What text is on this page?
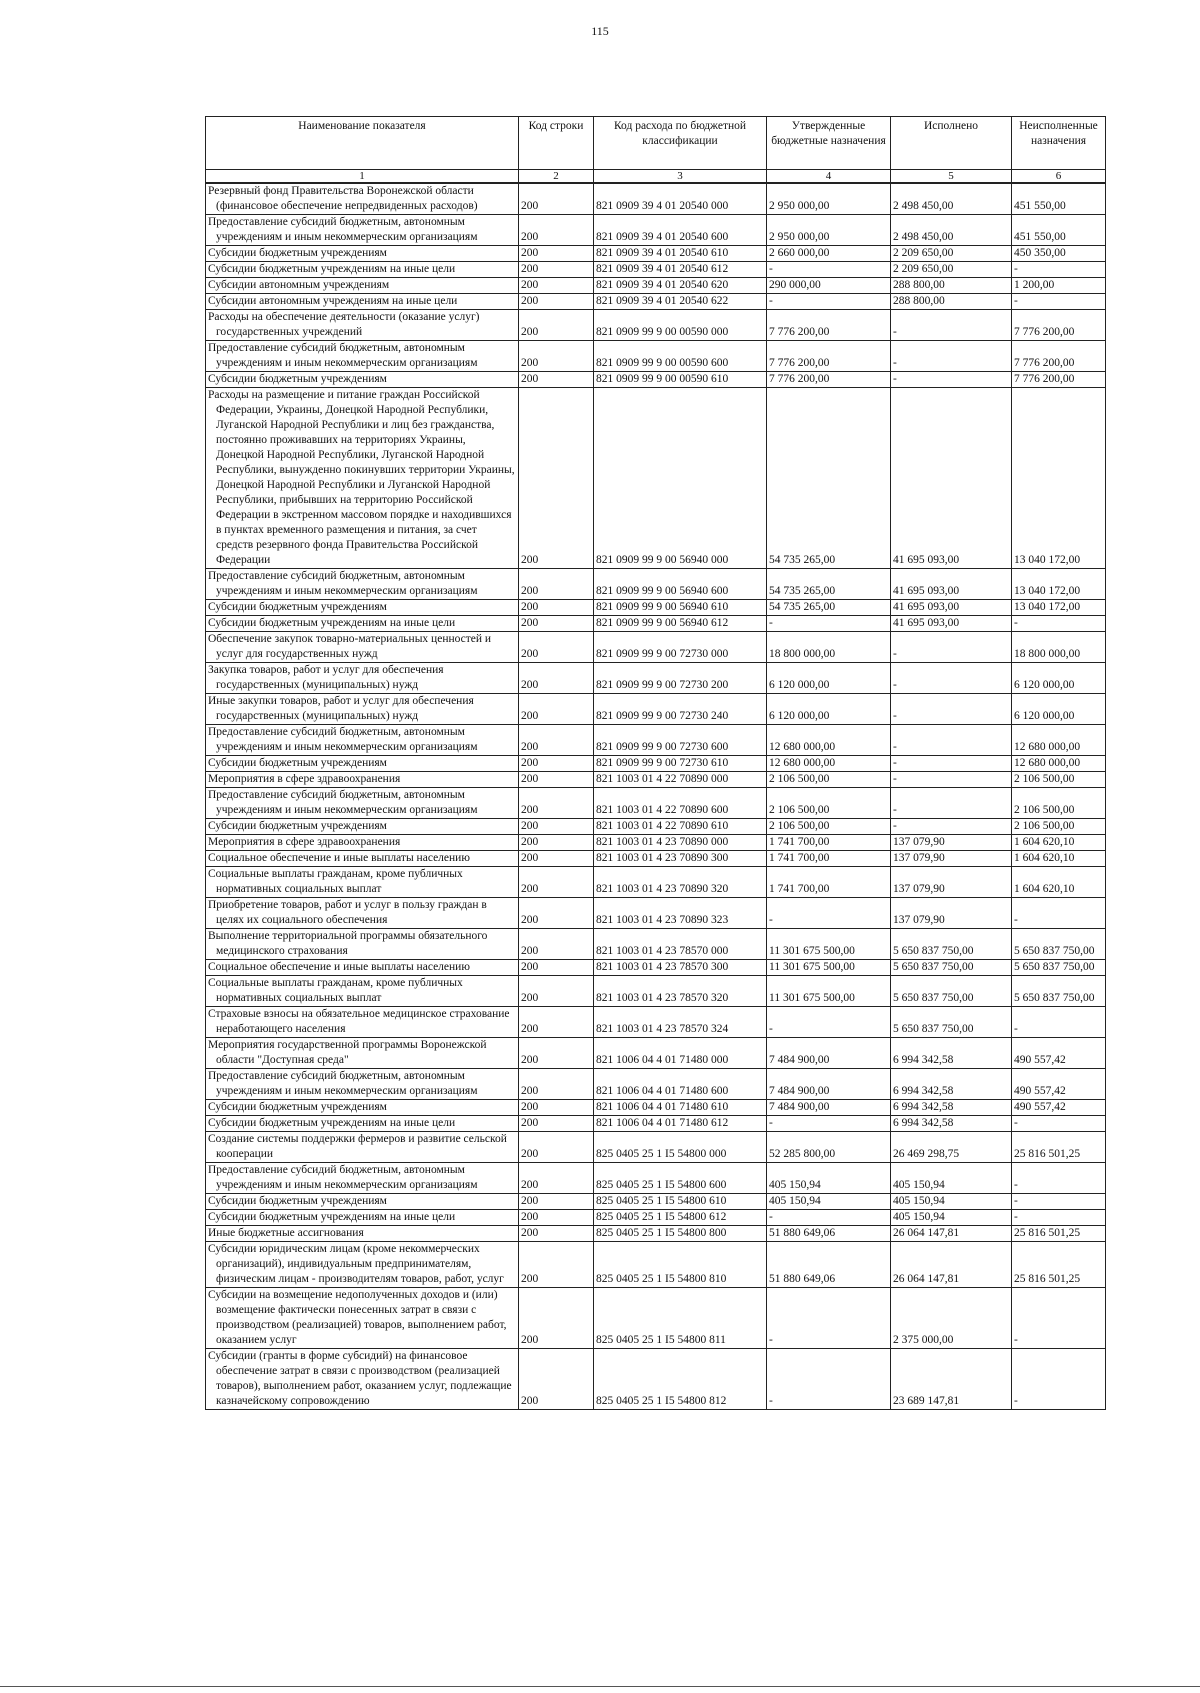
115
Наименование показателя	Код строки	Код расхода по бюджетной классификации	Утвержденные бюджетные назначения	Исполнено	Неисполненные назначения
1	2	3	4	5	6
Резервный фонд Правительства Воронежской области (финансовое обеспечение непредвиденных расходов)	200	821 0909 39 4 01 20540 000	2 950 000,00	2 498 450,00	451 550,00
Предоставление субсидий бюджетным, автономным учреждениям и иным некоммерческим организациям	200	821 0909 39 4 01 20540 600	2 950 000,00	2 498 450,00	451 550,00
Субсидии бюджетным учреждениям	200	821 0909 39 4 01 20540 610	2 660 000,00	2 209 650,00	450 350,00
Субсидии бюджетным учреждениям на иные цели	200	821 0909 39 4 01 20540 612	-	2 209 650,00	-
Субсидии автономным учреждениям	200	821 0909 39 4 01 20540 620	290 000,00	288 800,00	1 200,00
Субсидии автономным учреждениям на иные цели	200	821 0909 39 4 01 20540 622	-	288 800,00	-
Расходы на обеспечение деятельности (оказание услуг) государственных учреждений	200	821 0909 99 9 00 00590 000	7 776 200,00	-	7 776 200,00
Предоставление субсидий бюджетным, автономным учреждениям и иным некоммерческим организациям	200	821 0909 99 9 00 00590 600	7 776 200,00	-	7 776 200,00
Субсидии бюджетным учреждениям	200	821 0909 99 9 00 00590 610	7 776 200,00	-	7 776 200,00
Расходы на размещение и питание граждан Российской Федерации, Украины, Донецкой Народной Республики, Луганской Народной Республики и лиц без гражданства, постоянно проживавших на территориях Украины, Донецкой Народной Республики, Луганской Народной Республики, вынужденно покинувших территории Украины, Донецкой Народной Республики и Луганской Народной Республики, прибывших на территорию Российской Федерации в экстренном массовом порядке и находившихся в пунктах временного размещения и питания, за счет средств резервного фонда Правительства Российской Федерации	200	821 0909 99 9 00 56940 000	54 735 265,00	41 695 093,00	13 040 172,00
Предоставление субсидий бюджетным, автономным учреждениям и иным некоммерческим организациям	200	821 0909 99 9 00 56940 600	54 735 265,00	41 695 093,00	13 040 172,00
Субсидии бюджетным учреждениям	200	821 0909 99 9 00 56940 610	54 735 265,00	41 695 093,00	13 040 172,00
Субсидии бюджетным учреждениям на иные цели	200	821 0909 99 9 00 56940 612	-	41 695 093,00	-
Обеспечение закупок товарно-материальных ценностей и услуг для государственных нужд	200	821 0909 99 9 00 72730 000	18 800 000,00	-	18 800 000,00
Закупка товаров, работ и услуг для обеспечения государственных (муниципальных) нужд	200	821 0909 99 9 00 72730 200	6 120 000,00	-	6 120 000,00
Иные закупки товаров, работ и услуг для обеспечения государственных (муниципальных) нужд	200	821 0909 99 9 00 72730 240	6 120 000,00	-	6 120 000,00
Предоставление субсидий бюджетным, автономным учреждениям и иным некоммерческим организациям	200	821 0909 99 9 00 72730 600	12 680 000,00	-	12 680 000,00
Субсидии бюджетным учреждениям	200	821 0909 99 9 00 72730 610	12 680 000,00	-	12 680 000,00
Мероприятия в сфере здравоохранения	200	821 1003 01 4 22 70890 000	2 106 500,00	-	2 106 500,00
Предоставление субсидий бюджетным, автономным учреждениям и иным некоммерческим организациям	200	821 1003 01 4 22 70890 600	2 106 500,00	-	2 106 500,00
Субсидии бюджетным учреждениям	200	821 1003 01 4 22 70890 610	2 106 500,00	-	2 106 500,00
Мероприятия в сфере здравоохранения	200	821 1003 01 4 23 70890 000	1 741 700,00	137 079,90	1 604 620,10
Социальное обеспечение и иные выплаты населению	200	821 1003 01 4 23 70890 300	1 741 700,00	137 079,90	1 604 620,10
Социальные выплаты гражданам, кроме публичных нормативных социальных выплат	200	821 1003 01 4 23 70890 320	1 741 700,00	137 079,90	1 604 620,10
Приобретение товаров, работ и услуг в пользу граждан в целях их социального обеспечения	200	821 1003 01 4 23 70890 323	-	137 079,90	-
Выполнение территориальной программы обязательного медицинского страхования	200	821 1003 01 4 23 78570 000	11 301 675 500,00	5 650 837 750,00	5 650 837 750,00
Социальное обеспечение и иные выплаты населению	200	821 1003 01 4 23 78570 300	11 301 675 500,00	5 650 837 750,00	5 650 837 750,00
Социальные выплаты гражданам, кроме публичных нормативных социальных выплат	200	821 1003 01 4 23 78570 320	11 301 675 500,00	5 650 837 750,00	5 650 837 750,00
Страховые взносы на обязательное медицинское страхование неработающего населения	200	821 1003 01 4 23 78570 324	-	5 650 837 750,00	-
Мероприятия государственной программы Воронежской области "Доступная среда"	200	821 1006 04 4 01 71480 000	7 484 900,00	6 994 342,58	490 557,42
Предоставление субсидий бюджетным, автономным учреждениям и иным некоммерческим организациям	200	821 1006 04 4 01 71480 600	7 484 900,00	6 994 342,58	490 557,42
Субсидии бюджетным учреждениям	200	821 1006 04 4 01 71480 610	7 484 900,00	6 994 342,58	490 557,42
Субсидии бюджетным учреждениям на иные цели	200	821 1006 04 4 01 71480 612	-	6 994 342,58	-
Создание системы поддержки фермеров и развитие сельской кооперации	200	825 0405 25 1 I5 54800 000	52 285 800,00	26 469 298,75	25 816 501,25
Предоставление субсидий бюджетным, автономным учреждениям и иным некоммерческим организациям	200	825 0405 25 1 I5 54800 600	405 150,94	405 150,94	-
Субсидии бюджетным учреждениям	200	825 0405 25 1 I5 54800 610	405 150,94	405 150,94	-
Субсидии бюджетным учреждениям на иные цели	200	825 0405 25 1 I5 54800 612	-	405 150,94	-
Иные бюджетные ассигнования	200	825 0405 25 1 I5 54800 800	51 880 649,06	26 064 147,81	25 816 501,25
Субсидии юридическим лицам (кроме некоммерческих организаций), индивидуальным предпринимателям, физическим лицам - производителям товаров, работ, услуг	200	825 0405 25 1 I5 54800 810	51 880 649,06	26 064 147,81	25 816 501,25
Субсидии на возмещение недополученных доходов и (или) возмещение фактически понесенных затрат в связи с производством (реализацией) товаров, выполнением работ, оказанием услуг	200	825 0405 25 1 I5 54800 811	-	2 375 000,00	-
Субсидии (гранты в форме субсидий) на финансовое обеспечение затрат в связи с производством (реализацией товаров), выполнением работ, оказанием услуг, подлежащие казначейскому сопровождению	200	825 0405 25 1 I5 54800 812	-	23 689 147,81	-
